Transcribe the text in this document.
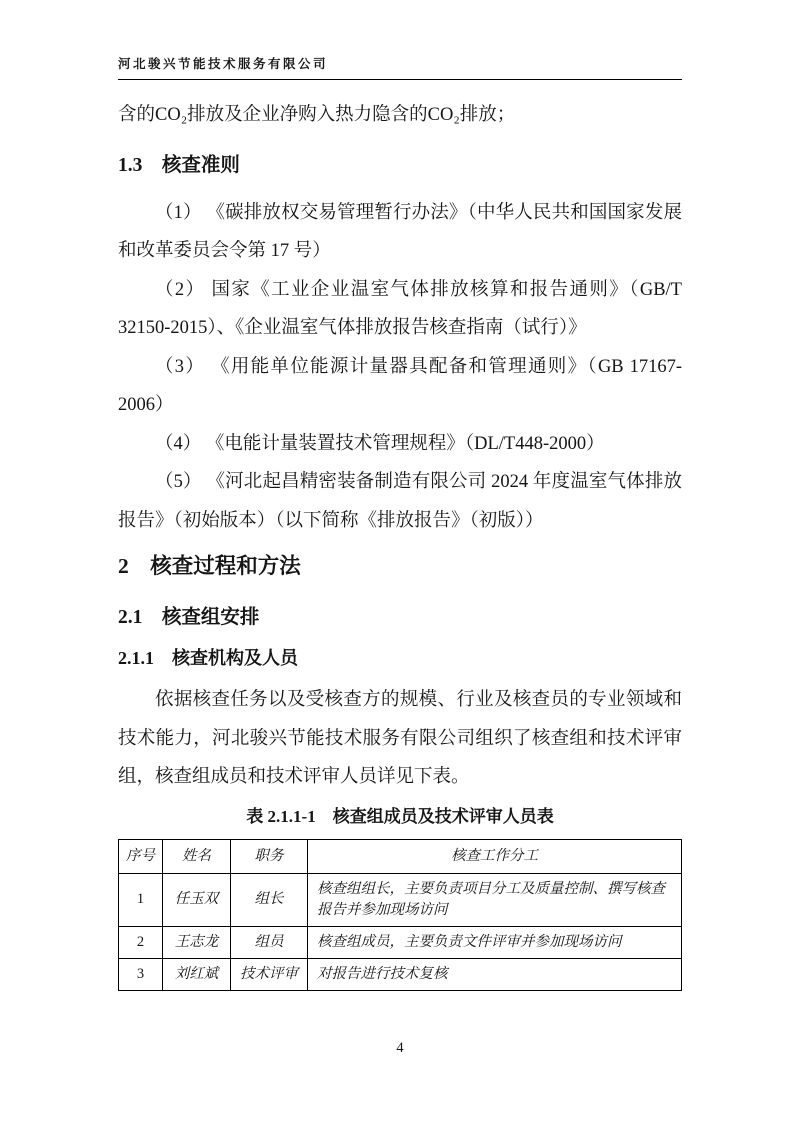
河北骏兴节能技术服务有限公司

含的CO₂排放及企业净购入热力隐含的CO₂排放；

1.3　核查准则

（1） 《碳排放权交易管理暂行办法》（中华人民共和国国家发展和改革委员会令第 17 号）

（2） 国家《工业企业温室气体排放核算和报告通则》（GB/T 32150-2015）、《企业温室气体排放报告核查指南（试行）》

（3） 《用能单位能源计量器具配备和管理通则》（GB 17167-2006）

（4） 《电能计量装置技术管理规程》（DL/T448-2000）

（5） 《河北起昌精密装备制造有限公司 2024 年度温室气体排放报告》（初始版本）（以下简称《排放报告》（初版））

2　核查过程和方法
2.1　核查组安排
2.1.1　核查机构及人员

依据核查任务以及受核查方的规模、行业及核查员的专业领域和技术能力，河北骏兴节能技术服务有限公司组织了核查组和技术评审组，核查组成员和技术评审人员详见下表。

表 2.1.1-1　核查组成员及技术评审人员表
序号	姓名	职务	核查工作分工
1	任玉双	组长	核查组组长，主要负责项目分工及质量控制、撰写核查报告并参加现场访问
2	王志龙	组员	核查组成员，主要负责文件评审并参加现场访问
3	刘红斌	技术评审	对报告进行技术复核
4
